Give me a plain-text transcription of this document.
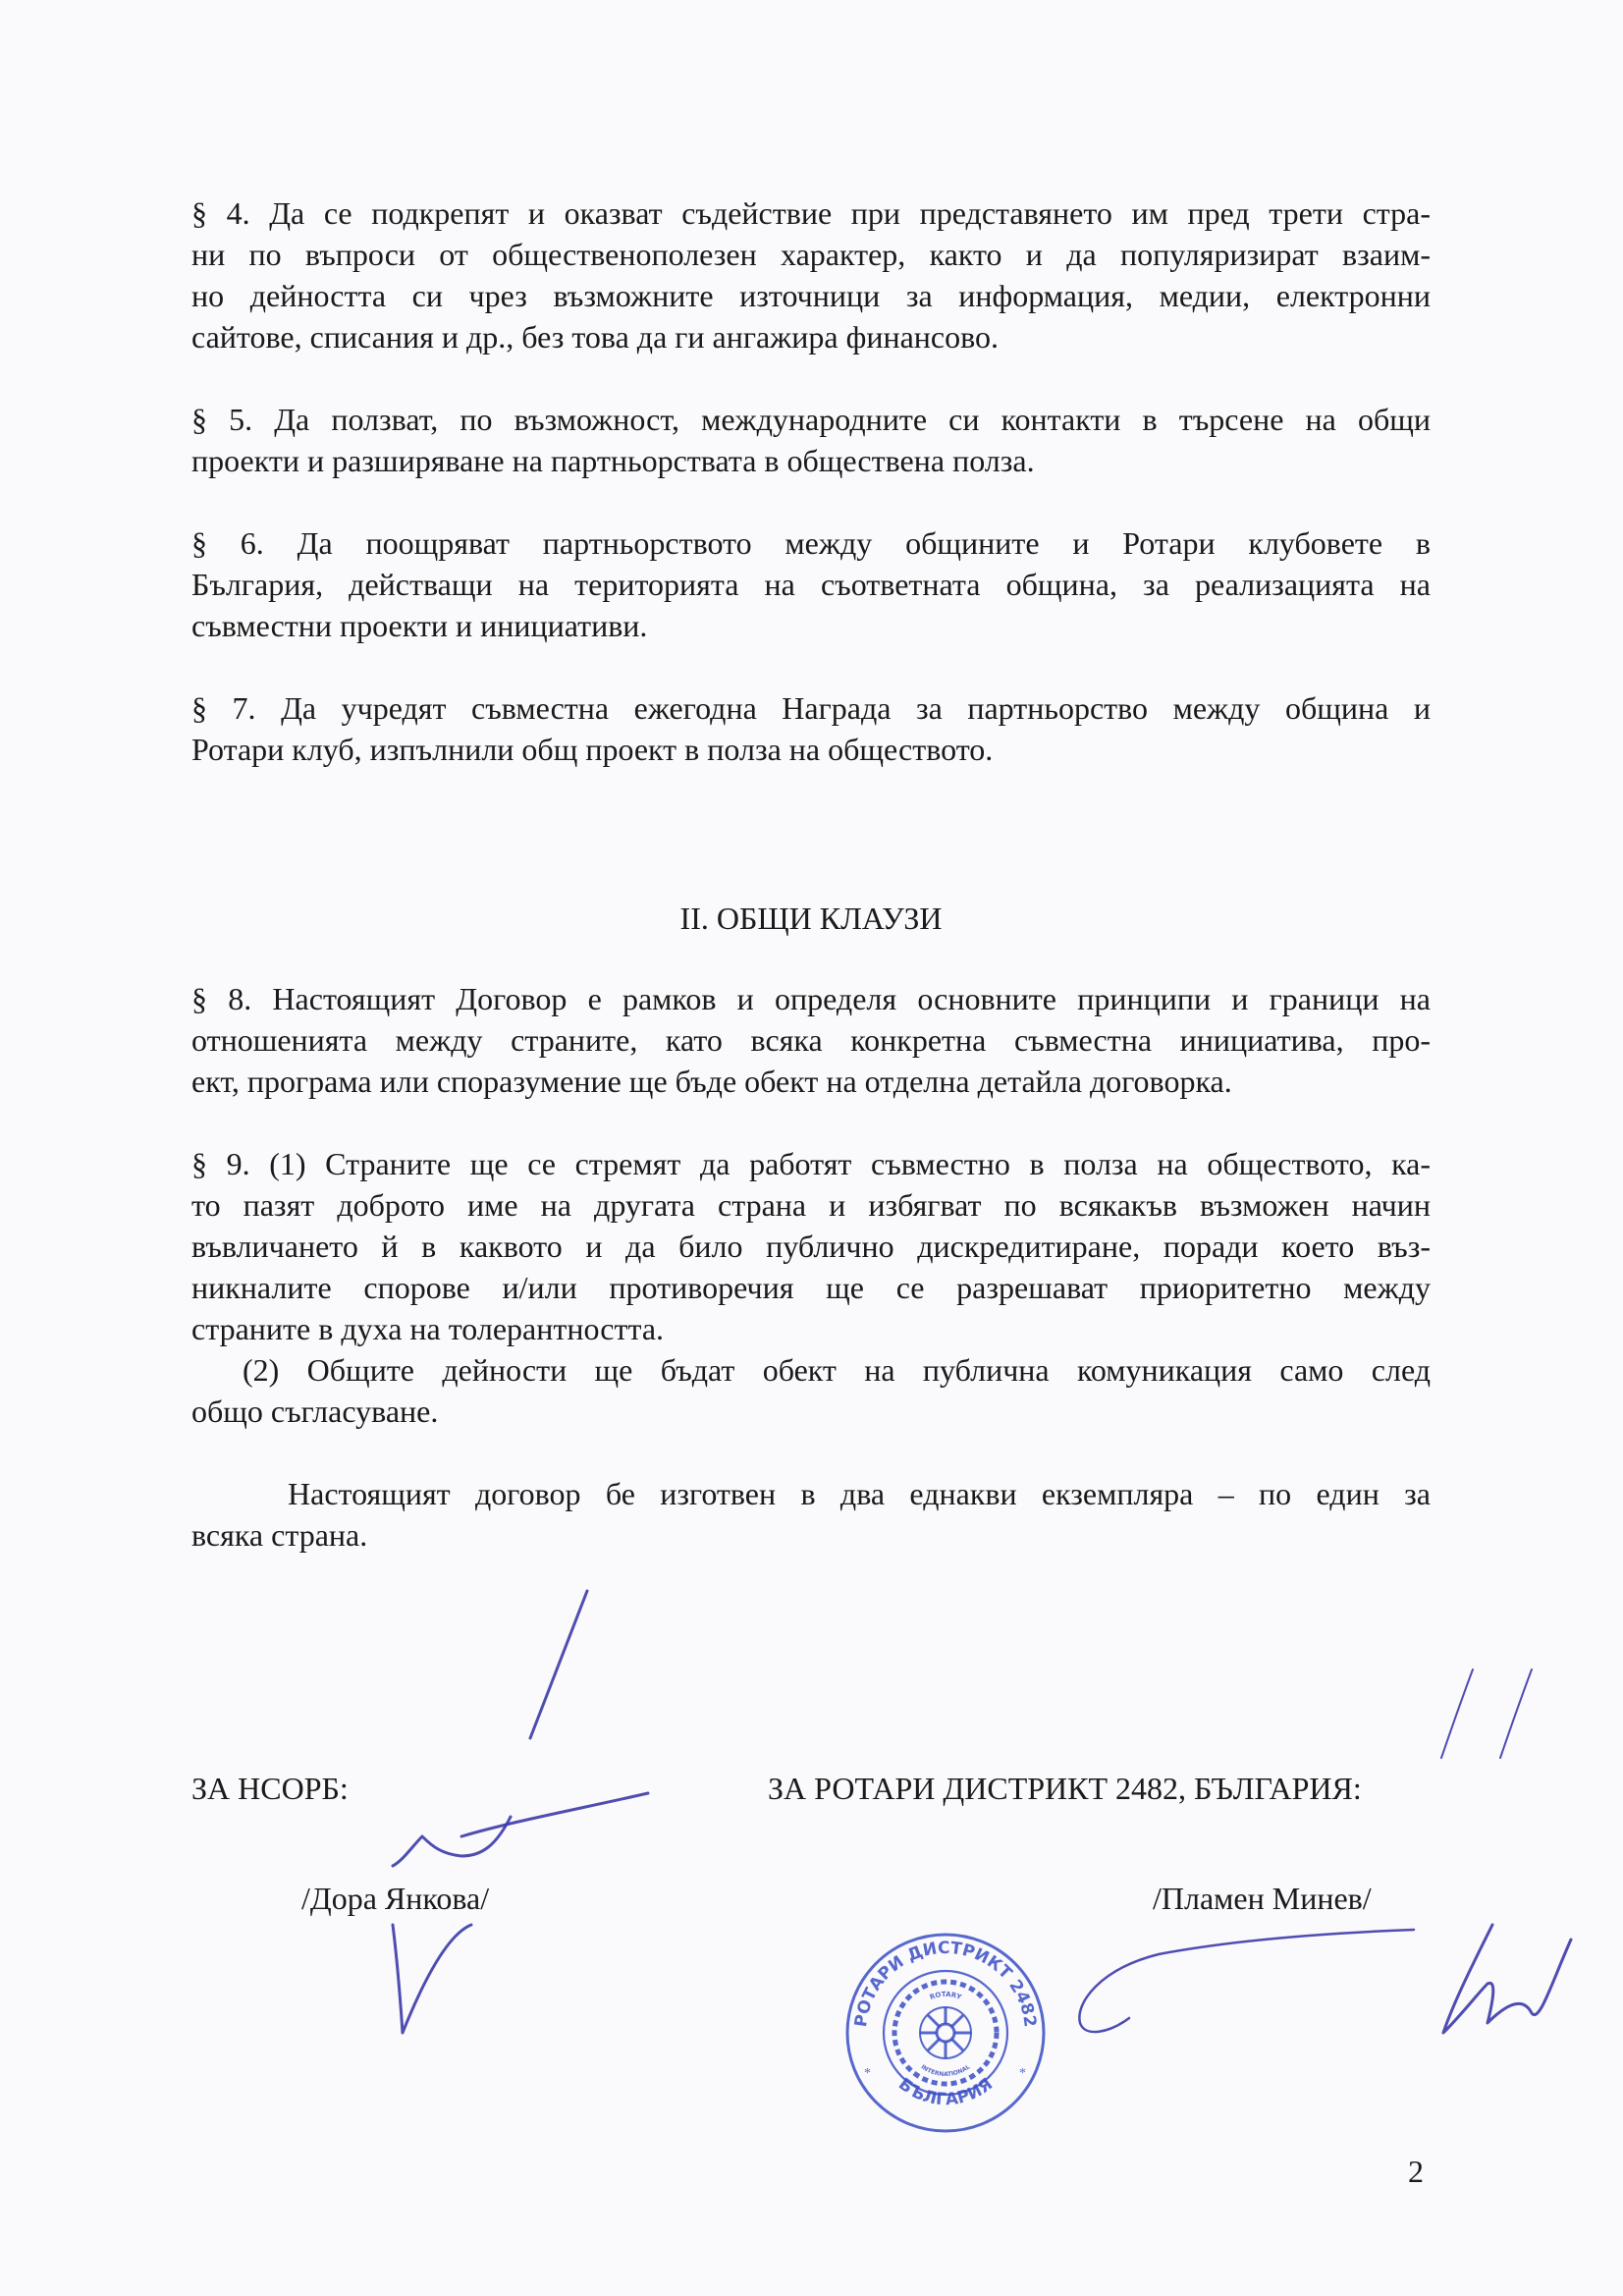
§ 4. Да се подкрепят и оказват съдействие при представянето им пред трети стра-
ни по въпроси от общественополезен характер, както и да популяризират взаим-
но дейността си чрез възможните източници за информация, медии, електронни
сайтове, списания и др., без това да ги ангажира финансово.
§ 5. Да ползват, по възможност, международните си контакти в търсене на общи
проекти и разширяване на партньорствата в обществена полза.
§ 6. Да поощряват партньорството между общините и Ротари клубовете в
България, действащи на територията на съответната община, за реализацията на
съвместни проекти и инициативи.
§ 7. Да учредят съвместна ежегодна Награда за партньорство между община и
Ротари клуб, изпълнили общ проект в полза на обществото.
II. ОБЩИ КЛАУЗИ
§ 8. Настоящият Договор е рамков и определя основните принципи и граници на
отношенията между страните, като всяка конкретна съвместна инициатива, про-
ект, програма или споразумение ще бъде обект на отделна детайла договорка.
§ 9. (1) Страните ще се стремят да работят съвместно в полза на обществото, ка-
то пазят доброто име на другата страна и избягват по всякакъв възможен начин
въвличането й в каквото и да било публично дискредитиране, поради което въз-
никналите спорове и/или противоречия ще се разрешават приоритетно между
страните в духа на толерантността.
(2) Общите дейности ще бъдат обект на публична комуникация само след
общо съгласуване.
Настоящият договор бе изготвен в два еднакви екземпляра – по един за
всяка страна.
ЗА НСОРБ:	ЗА РОТАРИ ДИСТРИКТ 2482, БЪЛГАРИЯ:
/Дора Янкова/	/Пламен Минев/
РОТАРИ ДИСТРИКТ 2482
БЪЛГАРИЯ
*	*
ROTARY
INTERNATIONAL
2
